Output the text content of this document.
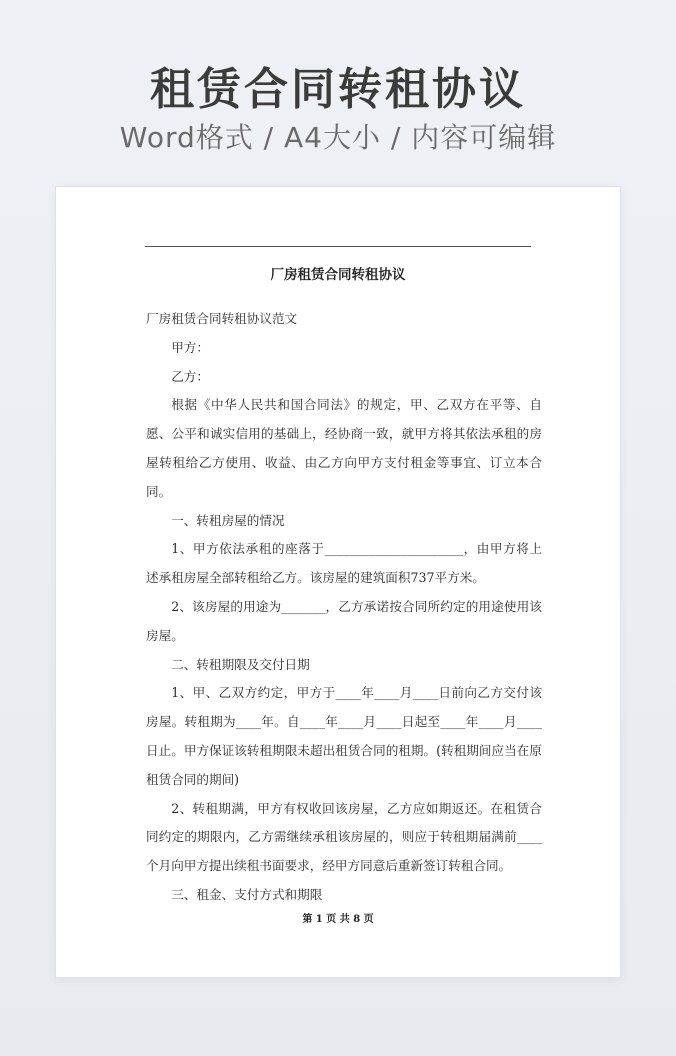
租赁合同转租协议
Word格式 / A4大小 / 内容可编辑
厂房租赁合同转租协议

厂房租赁合同转租协议范文

甲方：

乙方：

根据《中华人民共和国合同法》的规定，甲、乙双方在平等、自愿、公平和诚实信用的基础上，经协商一致，就甲方将其依法承租的房屋转租给乙方使用、收益、由乙方向甲方支付租金等事宜、订立本合同。

一、转租房屋的情况

1、甲方依法承租的座落于______________________，由甲方将上述承租房屋全部转租给乙方。该房屋的建筑面积737平方米。

2、该房屋的用途为_______，乙方承诺按合同所约定的用途使用该房屋。

二、转租期限及交付日期

1、甲、乙双方约定，甲方于____年____月____日前向乙方交付该房屋。转租期为____年。自____年____月____日起至____年____月____日止。甲方保证该转租期限未超出租赁合同的租期。(转租期间应当在原租赁合同的期间)

2、转租期满，甲方有权收回该房屋，乙方应如期返还。在租赁合同约定的期限内，乙方需继续承租该房屋的，则应于转租期届满前____个月向甲方提出续租书面要求，经甲方同意后重新签订转租合同。

三、租金、支付方式和期限

第 1 页 共 8 页
